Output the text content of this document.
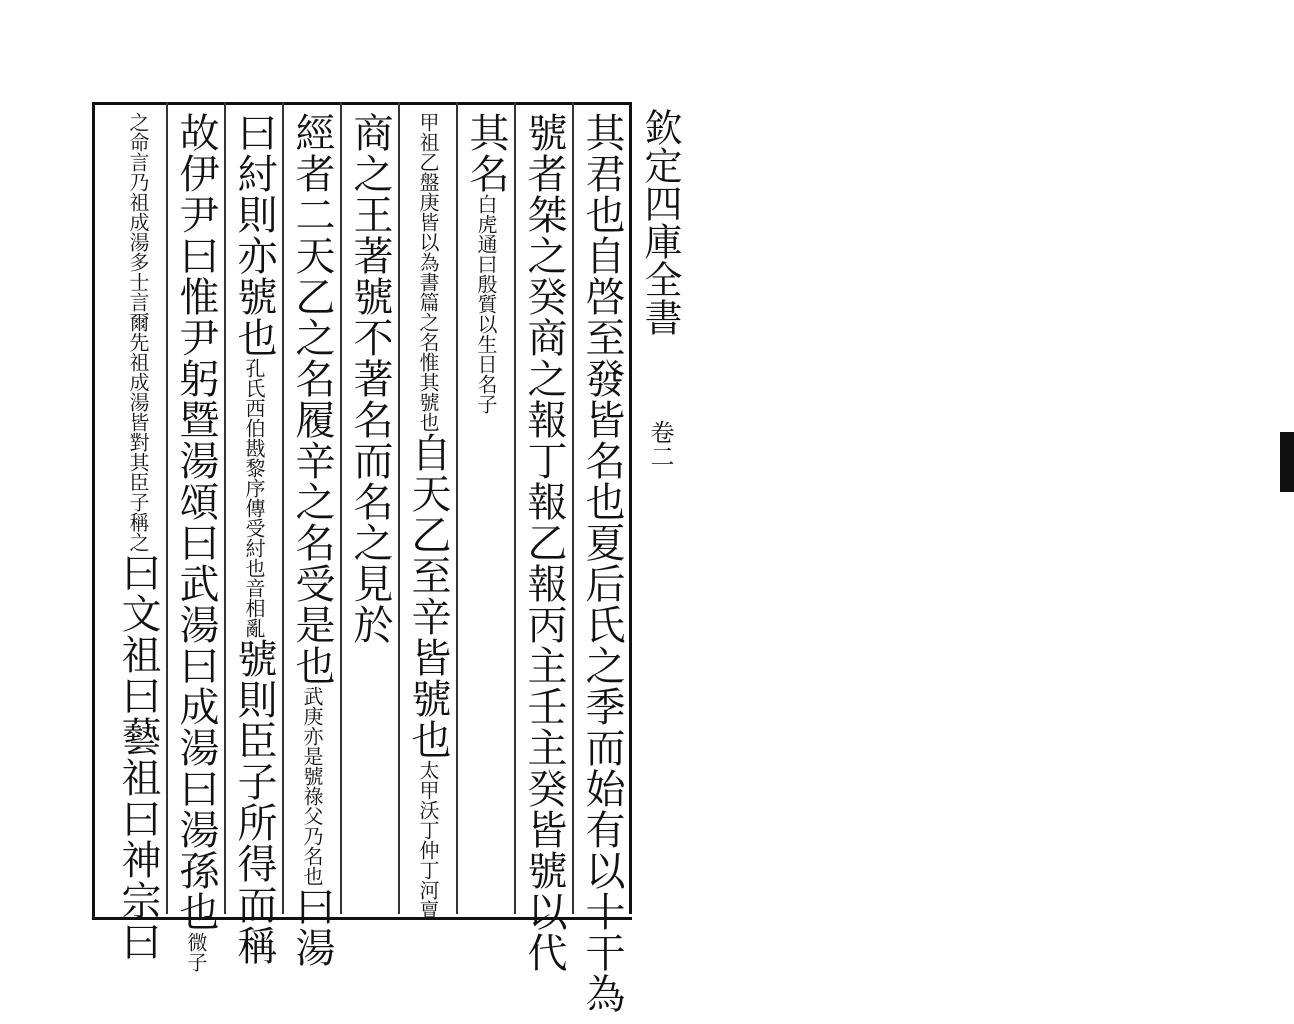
欽定四庫全書
卷二
其君也自啓至發皆名也夏后氏之季而始有以十干為
號者桀之癸商之報丁報乙報丙主壬主癸皆號以代
其名白虎通曰殷質以生日名子
甲祖乙盤庚皆以為書篇之名惟其號也自天乙至辛皆號也太甲沃丁仲丁河亶
商之王著號不著名而名之見於
經者二天乙之名履辛之名受是也武庚亦是號祿父乃名也曰湯
曰紂則亦號也孔氏西伯戡黎序傳受紂也音相亂號則臣子所得而稱
故伊尹曰惟尹躬暨湯頌曰武湯曰成湯曰湯孫也微子
之命言乃祖成湯多士言爾先祖成湯皆對其臣子稱之曰文祖曰藝祖曰神宗曰
